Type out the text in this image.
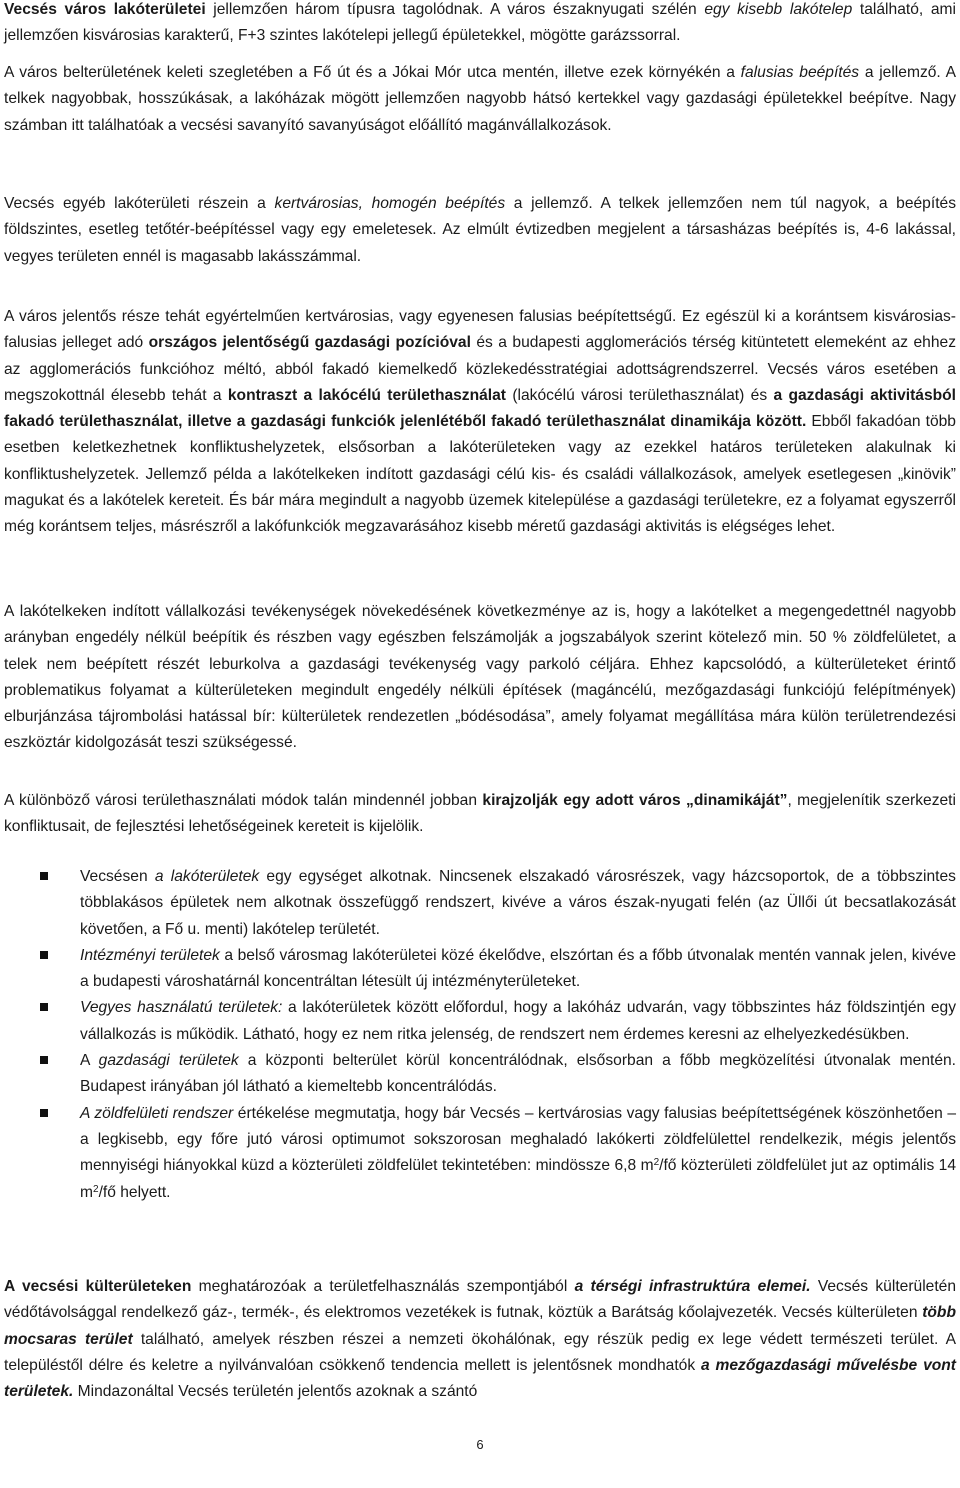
Vecsés város lakóterületei jellemzően három típusra tagolódnak. A város északnyugati szélén egy kisebb lakótelep található, ami jellemzően kisvárosias karakterű, F+3 szintes lakótelepi jellegű épületekkel, mögötte garázssorral.

A város belterületének keleti szegletében a Fő út és a Jókai Mór utca mentén, illetve ezek környékén a falusias beépítés a jellemző. A telkek nagyobbak, hosszúkásak, a lakóházak mögött jellemzően nagyobb hátsó kertekkel vagy gazdasági épületekkel beépítve. Nagy számban itt találhatóak a vecsési savanyító savanyúságot előállító magánvállalkozások.

Vecsés egyéb lakóterületi részein a kertvárosias, homogén beépítés a jellemző. A telkek jellemzően nem túl nagyok, a beépítés földszintes, esetleg tetőtér-beépítéssel vagy egy emeletesek. Az elmúlt évtizedben megjelent a társasházas beépítés is, 4-6 lakással, vegyes területen ennél is magasabb lakásszámmal.

A város jelentős része tehát egyértelműen kertvárosias, vagy egyenesen falusias beépítettségű. Ez egészül ki a korántsem kisvárosias-falusias jelleget adó országos jelentőségű gazdasági pozícióval és a budapesti agglomerációs térség kitüntetett elemeként az ehhez az agglomerációs funkcióhoz méltó, abból fakadó kiemelkedő közlekedésstratégiai adottságrendszerrel. Vecsés város esetében a megszokottnál élesebb tehát a kontraszt a lakócélú területhasználat (lakócélú városi területhasználat) és a gazdasági aktivitásból fakadó területhasználat, illetve a gazdasági funkciók jelenlétéből fakadó területhasználat dinamikája között. Ebből fakadóan több esetben keletkezhetnek konfliktushelyzetek, elsősorban a lakóterületeken vagy az ezekkel határos területeken alakulnak ki konfliktushelyzetek. Jellemző példa a lakótelkeken indított gazdasági célú kis- és családi vállalkozások, amelyek esetlegesen „kinövik” magukat és a lakótelek kereteit. És bár mára megindult a nagyobb üzemek kitelepülése a gazdasági területekre, ez a folyamat egyszerről még korántsem teljes, másrészről a lakófunkciók megzavarásához kisebb méretű gazdasági aktivitás is elégséges lehet.

A lakótelkeken indított vállalkozási tevékenységek növekedésének következménye az is, hogy a lakótelket a megengedettnél nagyobb arányban engedély nélkül beépítik és részben vagy egészben felszámolják a jogszabályok szerint kötelező min. 50 % zöldfelületet, a telek nem beépített részét leburkolva a gazdasági tevékenység vagy parkoló céljára. Ehhez kapcsolódó, a külterületeket érintő problematikus folyamat a külterületeken megindult engedély nélküli építések (magáncélú, mezőgazdasági funkciójú felépítmények) elburjánzása tájrombolási hatással bír: külterületek rendezetlen „bódésodása”, amely folyamat megállítása mára külön területrendezési eszköztár kidolgozását teszi szükségessé.

A különböző városi területhasználati módok talán mindennél jobban kirajzolják egy adott város „dinamikáját”, megjelenítik szerkezeti konfliktusait, de fejlesztési lehetőségeinek kereteit is kijelölik.

Vecsésen a lakóterületek egy egységet alkotnak. Nincsenek elszakadó városrészek, vagy házcsoportok, de a többszintes többlakásos épületek nem alkotnak összefüggő rendszert, kivéve a város észak-nyugati felén (az Üllői út becsatlakozását követően, a Fő u. menti) lakótelep területét.
Intézményi területek a belső városmag lakóterületei közé ékelődve, elszórtan és a főbb útvonalak mentén vannak jelen, kivéve a budapesti városhatárnál koncentráltan létesült új intézményterületeket.
Vegyes használatú területek: a lakóterületek között előfordul, hogy a lakóház udvarán, vagy többszintes ház földszintjén egy vállalkozás is működik. Látható, hogy ez nem ritka jelenség, de rendszert nem érdemes keresni az elhelyezkedésükben.
A gazdasági területek a központi belterület körül koncentrálódnak, elsősorban a főbb megközelítési útvonalak mentén. Budapest irányában jól látható a kiemeltebb koncentrálódás.
A zöldfelületi rendszer értékelése megmutatja, hogy bár Vecsés – kertvárosias vagy falusias beépítettségének köszönhetően – a legkisebb, egy főre jutó városi optimumot sokszorosan meghaladó lakókerti zöldfelülettel rendelkezik, mégis jelentős mennyiségi hiányokkal küzd a közterületi zöldfelület tekintetében: mindössze 6,8 $m^2/fő$ közterületi zöldfelület jut az optimális 14 $m^2/fő$ helyett.

A vecsési külterületeken meghatározóak a területfelhasználás szempontjából a térségi infrastruktúra elemei. Vecsés külterületén védőtávolsággal rendelkező gáz-, termék-, és elektromos vezetékek is futnak, köztük a Barátság kőolajvezeték. Vecsés külterületen több mocsaras terület található, amelyek részben részei a nemzeti ökohálónak, egy részük pedig ex lege védett természeti terület. A településtől délre és keletre a nyilvánvalóan csökkenő tendencia mellett is jelentősnek mondhatók a mezőgazdasági művelésbe vont területek. Mindazonáltal Vecsés területén jelentős azoknak a szántó

6
